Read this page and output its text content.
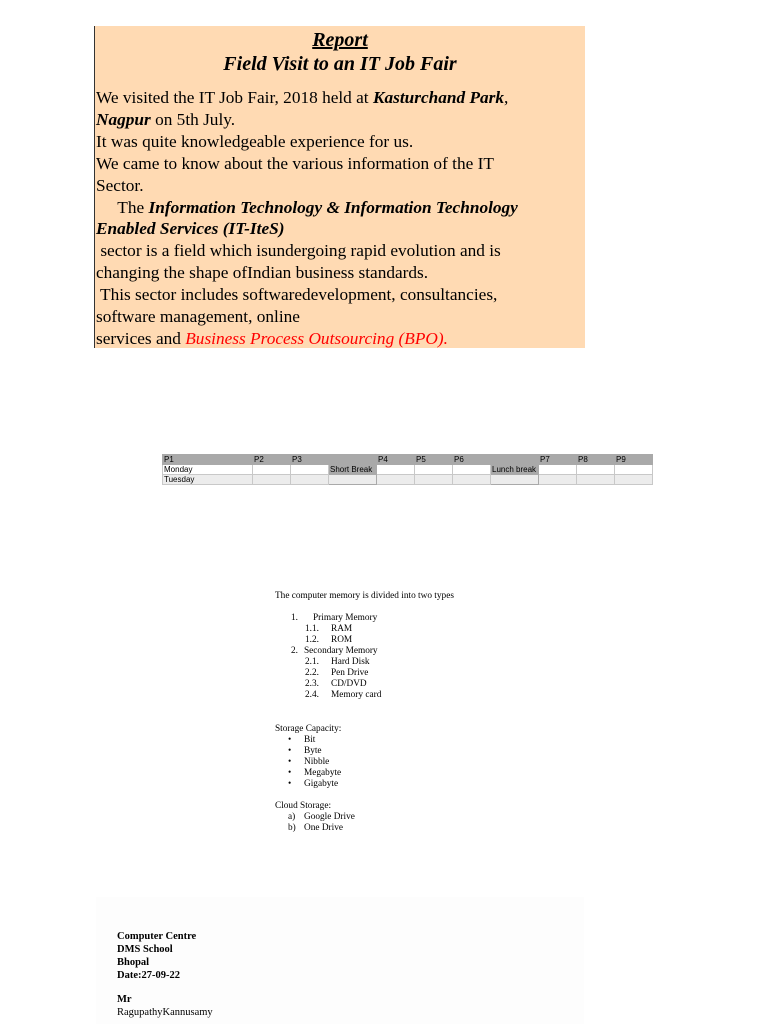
Report
Field Visit to an IT Job Fair
We visited the IT Job Fair, 2018 held at Kasturchand Park,
Nagpur on 5th July.
It was quite knowledgeable experience for us.
We came to know about the various information of the IT
Sector.
The Information Technology & Information Technology
Enabled Services (IT-IteS)
sector is a field which isundergoing rapid evolution and is
changing the shape ofIndian business standards.
This sector includes softwaredevelopment, consultancies,
software management, online
services and Business Process Outsourcing (BPO).
P1	P2	P3		P4	P5	P6		P7	P8	P9
Monday			Short Break				Lunch break			
Tuesday										
The computer memory is divided into two types
1. Primary Memory
1.1. RAM
1.2. ROM
2. Secondary Memory
2.1. Hard Disk
2.2. Pen Drive
2.3. CD/DVD
2.4. Memory card
Storage Capacity:
• Bit
• Byte
• Nibble
• Megabyte
• Gigabyte
Cloud Storage:
a) Google Drive
b) One Drive
Computer Centre
DMS School
Bhopal
Date:27-09-22
Mr
RagupathyKannusamy
